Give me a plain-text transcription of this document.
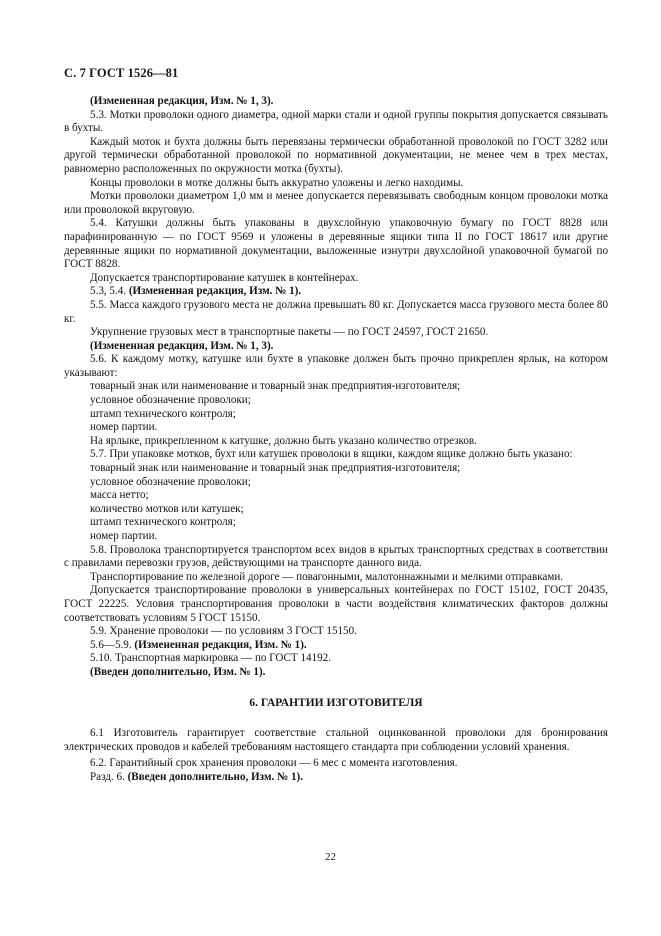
С. 7 ГОСТ 1526—81

(Измененная редакция, Изм. № 1, 3).

5.3. Мотки проволоки одного диаметра, одной марки стали и одной группы покрытия допускается связывать в бухты.

Каждый моток и бухта должны быть перевязаны термически обработанной проволокой по ГОСТ 3282 или другой термически обработанной проволокой по нормативной документации, не менее чем в трех местах, равномерно расположенных по окружности мотка (бухты).

Концы проволоки в мотке должны быть аккуратно уложены и легко находимы.

Мотки проволоки диаметром 1,0 мм и менее допускается перевязывать свободным концом проволоки мотка или проволокой вкруговую.

5.4. Катушки должны быть упакованы в двухслойную упаковочную бумагу по ГОСТ 8828 или парафинированную — по ГОСТ 9569 и уложены в деревянные ящики типа II по ГОСТ 18617 или другие деревянные ящики по нормативной документации, выложенные изнутри двухслойной упаковочной бумагой по ГОСТ 8828.

Допускается транспортирование катушек в контейнерах.

5.3, 5.4. (Измененная редакция, Изм. № 1).

5.5. Масса каждого грузового места не должна превышать 80 кг. Допускается масса грузового места более 80 кг.

Укрупнение грузовых мест в транспортные пакеты — по ГОСТ 24597, ГОСТ 21650.

(Измененная редакция, Изм. № 1, 3).

5.6. К каждому мотку, катушке или бухте в упаковке должен быть прочно прикреплен ярлык, на котором указывают:

товарный знак или наименование и товарный знак предприятия-изготовителя;

условное обозначение проволоки;

штамп технического контроля;

номер партии.

На ярлыке, прикрепленном к катушке, должно быть указано количество отрезков.

5.7. При упаковке мотков, бухт или катушек проволоки в ящики, каждом ящике должно быть указано:

товарный знак или наименование и товарный знак предприятия-изготовителя;

условное обозначение проволоки;

масса нетто;

количество мотков или катушек;

штамп технического контроля;

номер партии.

5.8. Проволока транспортируется транспортом всех видов в крытых транспортных средствах в соответствии с правилами перевозки грузов, действующими на транспорте данного вида.

Транспортирование по железной дороге — повагонными, малотоннажными и мелкими отправками.

Допускается транспортирование проволоки в универсальных контейнерах по ГОСТ 15102, ГОСТ 20435, ГОСТ 22225. Условия транспортирования проволоки в части воздействия климатических факторов должны соответствовать условиям 5 ГОСТ 15150.

5.9. Хранение проволоки — по условиям 3 ГОСТ 15150.

5.6—5.9. (Измененная редакция, Изм. № 1).

5.10. Транспортная маркировка — по ГОСТ 14192.

(Введен дополнительно, Изм. № 1).

6. ГАРАНТИИ ИЗГОТОВИТЕЛЯ

6.1 Изготовитель гарантирует соответствие стальной оцинкованной проволоки для бронирования электрических проводов и кабелей требованиям настоящего стандарта при соблюдении условий хранения.

6.2. Гарантийный срок хранения проволоки — 6 мес с момента изготовления.

Разд. 6. (Введен дополнительно, Изм. № 1).

22
